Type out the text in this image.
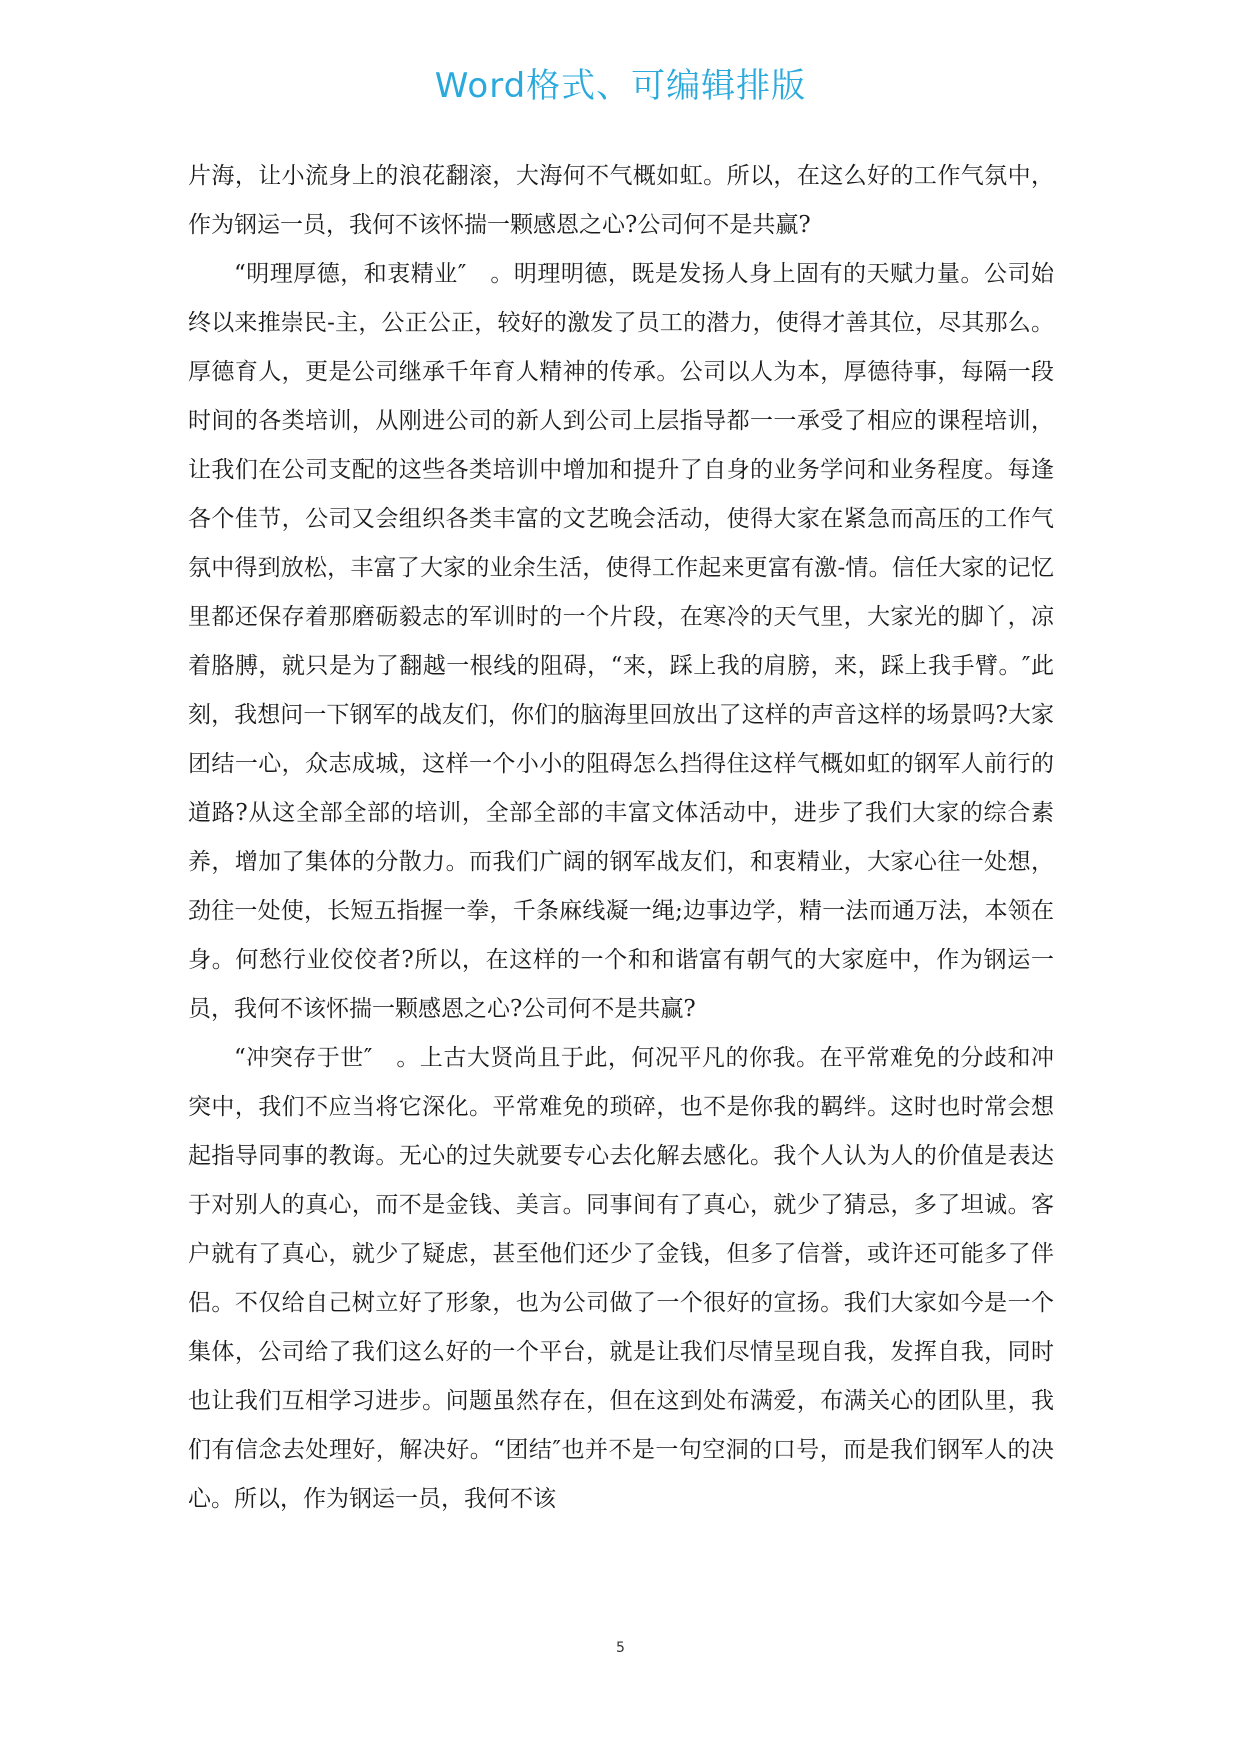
Word格式、可编辑排版

片海，让小流身上的浪花翻滚，大海何不气概如虹。所以，在这么好的工作气氛中，作为钢运一员，我何不该怀揣一颗感恩之心?公司何不是共赢?

“明理厚德，和衷精业″　。明理明德，既是发扬人身上固有的天赋力量。公司始终以来推崇民-主，公正公正，较好的激发了员工的潜力，使得才善其位，尽其那么。厚德育人，更是公司继承千年育人精神的传承。公司以人为本，厚德待事，每隔一段时间的各类培训，从刚进公司的新人到公司上层指导都一一承受了相应的课程培训，让我们在公司支配的这些各类培训中增加和提升了自身的业务学问和业务程度。每逢各个佳节，公司又会组织各类丰富的文艺晚会活动，使得大家在紧急而高压的工作气氛中得到放松，丰富了大家的业余生活，使得工作起来更富有激-情。信任大家的记忆里都还保存着那磨砺毅志的军训时的一个片段，在寒冷的天气里，大家光的脚丫，凉着胳膊，就只是为了翻越一根线的阻碍，“来，踩上我的肩膀，来，踩上我手臂。″此刻，我想问一下钢军的战友们，你们的脑海里回放出了这样的声音这样的场景吗?大家团结一心，众志成城，这样一个小小的阻碍怎么挡得住这样气概如虹的钢军人前行的道路?从这全部全部的培训，全部全部的丰富文体活动中，进步了我们大家的综合素养，增加了集体的分散力。而我们广阔的钢军战友们，和衷精业，大家心往一处想，劲往一处使，长短五指握一拳，千条麻线凝一绳;边事边学，精一法而通万法，本领在身。何愁行业佼佼者?所以，在这样的一个和和谐富有朝气的大家庭中，作为钢运一员，我何不该怀揣一颗感恩之心?公司何不是共赢?

“冲突存于世″　。上古大贤尚且于此，何况平凡的你我。在平常难免的分歧和冲突中，我们不应当将它深化。平常难免的琐碎，也不是你我的羁绊。这时也时常会想起指导同事的教诲。无心的过失就要专心去化解去感化。我个人认为人的价值是表达于对别人的真心，而不是金钱、美言。同事间有了真心，就少了猜忌，多了坦诚。客户就有了真心，就少了疑虑，甚至他们还少了金钱，但多了信誉，或许还可能多了伴侣。不仅给自己树立好了形象，也为公司做了一个很好的宣扬。我们大家如今是一个集体，公司给了我们这么好的一个平台，就是让我们尽情呈现自我，发挥自我，同时也让我们互相学习进步。问题虽然存在，但在这到处布满爱，布满关心的团队里，我们有信念去处理好，解决好。“团结″也并不是一句空洞的口号，而是我们钢军人的决心。所以，作为钢运一员，我何不该

5
